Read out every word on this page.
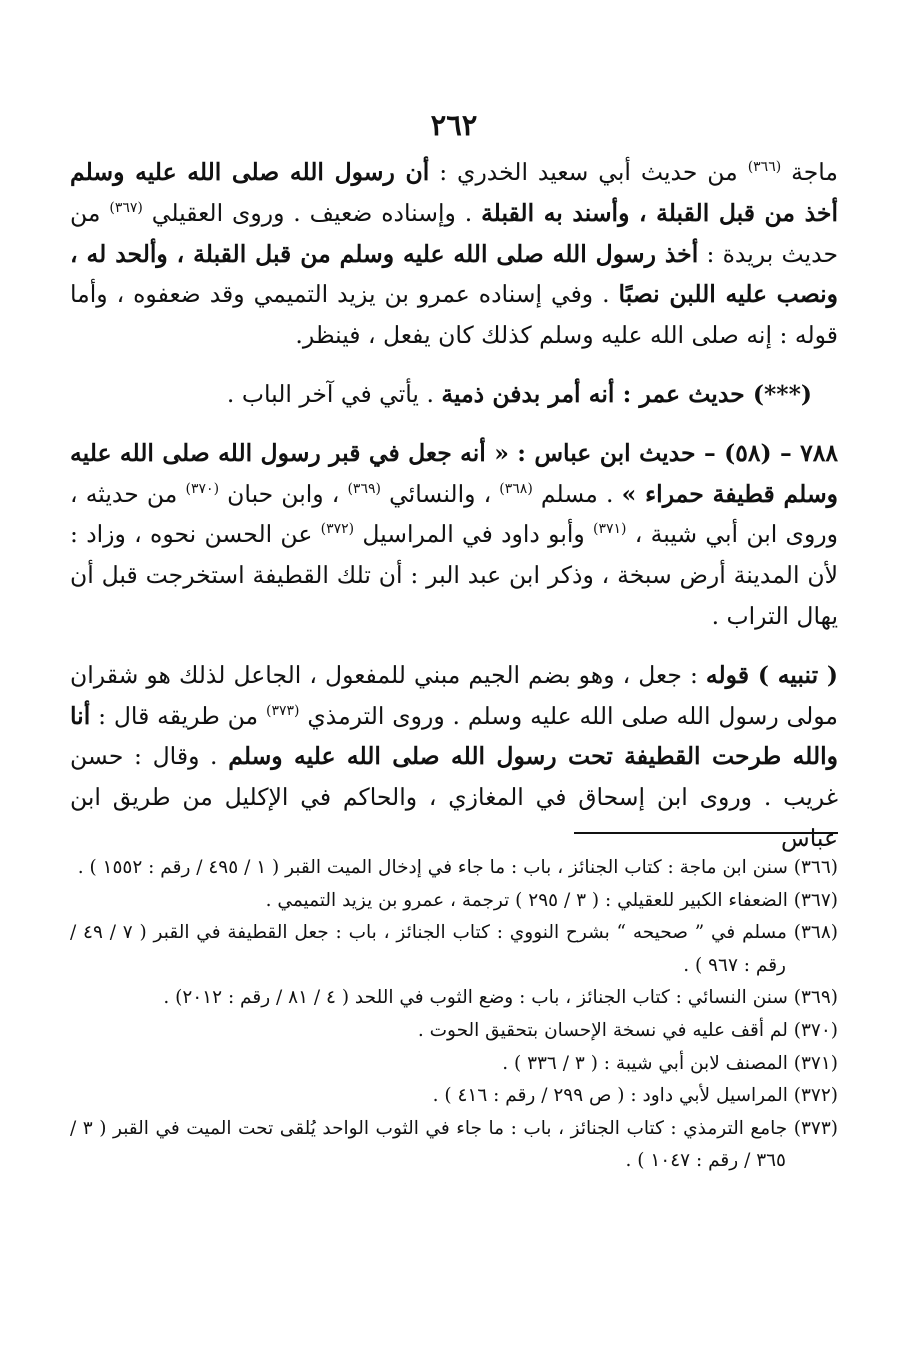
٢٦٢

ماجة $^{(٣٦٦)}$ من حديث أبي سعيد الخدري : أن رسول الله صلى الله عليه وسلم أخذ من قبل القبلة ، وأسند به القبلة . وإسناده ضعيف . وروى العقيلي $^{(٣٦٧)}$ من حديث بريدة : أخذ رسول الله صلى الله عليه وسلم من قبل القبلة ، وألحد له ، ونصب عليه اللبن نصبًا . وفي إسناده عمرو بن يزيد التميمي وقد ضعفوه ، وأما قوله : إنه صلى الله عليه وسلم كذلك كان يفعل ، فينظر.

(***) حديث عمر : أنه أمر بدفن ذمية . يأتي في آخر الباب .

٧٨٨ – (٥٨) – حديث ابن عباس : « أنه جعل في قبر رسول الله صلى الله عليه وسلم قطيفة حمراء » . مسلم $^{(٣٦٨)}$ ، والنسائي $^{(٣٦٩)}$ ، وابن حبان $^{(٣٧٠)}$ من حديثه ، وروى ابن أبي شيبة ، $^{(٣٧١)}$ وأبو داود في المراسيل $^{(٣٧٢)}$ عن الحسن نحوه ، وزاد : لأن المدينة أرض سبخة ، وذكر ابن عبد البر : أن تلك القطيفة استخرجت قبل أن يهال التراب .

( تنبيه ) قوله : جعل ، وهو بضم الجيم مبني للمفعول ، الجاعل لذلك هو شقران مولى رسول الله صلى الله عليه وسلم . وروى الترمذي $^{(٣٧٣)}$ من طريقه قال : أنا والله طرحت القطيفة تحت رسول الله صلى الله عليه وسلم . وقال : حسن غريب . وروى ابن إسحاق في المغازي ، والحاكم في الإكليل من طريق ابن عباس

(٣٦٦) سنن ابن ماجة : كتاب الجنائز ، باب : ما جاء في إدخال الميت القبر ( ١ / ٤٩٥ / رقم : ١٥٥٢ ) .

(٣٦٧) الضعفاء الكبير للعقيلي : ( ٣ / ٢٩٥ ) ترجمة ، عمرو بن يزيد التميمي .

(٣٦٨) مسلم في ” صحيحه “ بشرح النووي : كتاب الجنائز ، باب : جعل القطيفة في القبر ( ٧ / ٤٩ / رقم : ٩٦٧ ) .

(٣٦٩) سنن النسائي : كتاب الجنائز ، باب : وضع الثوب في اللحد ( ٤ / ٨١ / رقم : ٢٠١٢) .

(٣٧٠) لم أقف عليه في نسخة الإحسان بتحقيق الحوت .

(٣٧١) المصنف لابن أبي شيبة : ( ٣ / ٣٣٦ ) .

(٣٧٢) المراسيل لأبي داود : ( ص ٢٩٩ / رقم : ٤١٦ ) .

(٣٧٣) جامع الترمذي : كتاب الجنائز ، باب : ما جاء في الثوب الواحد يُلقى تحت الميت في القبر ( ٣ / ٣٦٥ / رقم : ١٠٤٧ ) .
